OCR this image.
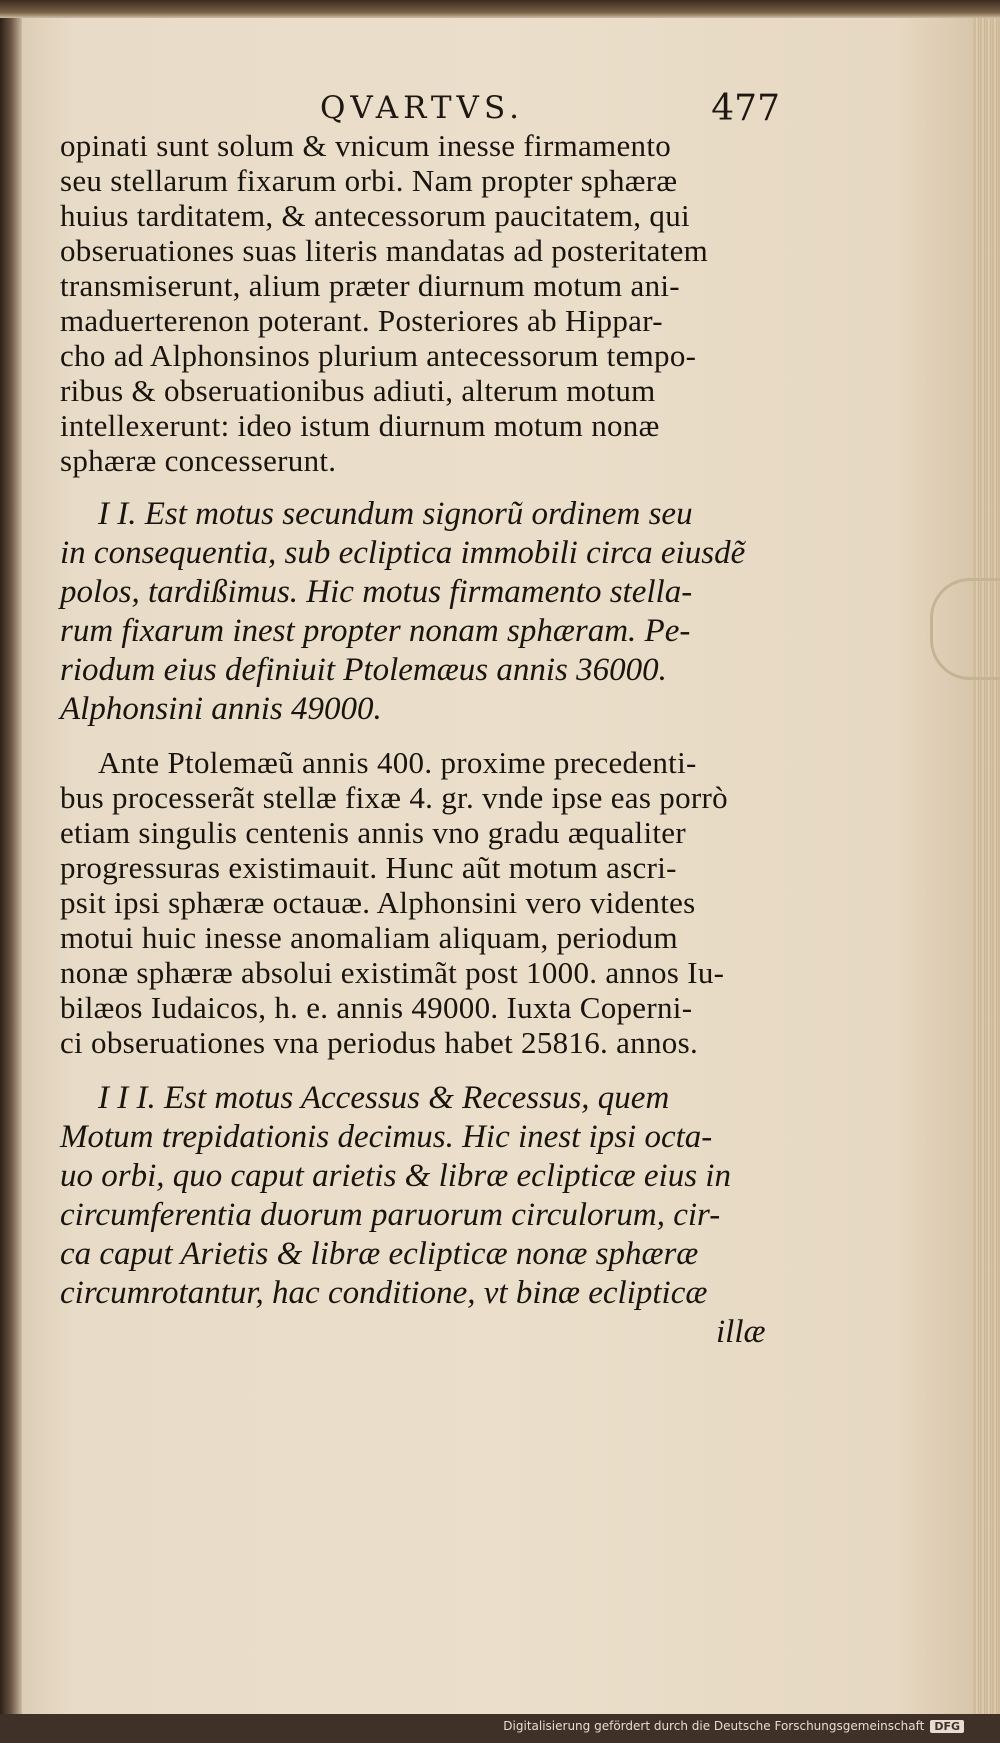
QVARTVS.	477
opinati sunt solum & vnicum inesse firmamento
seu stellarum fixarum orbi. Nam propter sphæræ
huius tarditatem, & antecessorum paucitatem, qui
obseruationes suas literis mandatas ad posteritatem
transmiserunt, alium præter diurnum motum ani-
maduerterenon poterant. Posteriores ab Hippar-
cho ad Alphonsinos plurium antecessorum tempo-
ribus & obseruationibus adiuti, alterum motum
intellexerunt: ideo istum diurnum motum nonæ
sphæræ concesserunt.
I I. Est motus secundum signorũ ordinem seu
in consequentia, sub ecliptica immobili circa eiusdẽ
polos, tardißimus. Hic motus firmamento stella-
rum fixarum inest propter nonam sphæram. Pe-
riodum eius definiuit Ptolemæus annis 36000.
Alphonsini annis 49000.
Ante Ptolemæũ annis 400. proxime precedenti-
bus processerãt stellæ fixæ 4. gr. vnde ipse eas porrò
etiam singulis centenis annis vno gradu æqualiter
progressuras existimauit. Hunc aũt motum ascri-
psit ipsi sphæræ octauæ. Alphonsini vero videntes
motui huic inesse anomaliam aliquam, periodum
nonæ sphæræ absolui existimãt post 1000. annos Iu-
bilæos Iudaicos, h. e. annis 49000. Iuxta Coperni-
ci obseruationes vna periodus habet 25816. annos.
I I I. Est motus Accessus & Recessus, quem
Motum trepidationis decimus. Hic inest ipsi octa-
uo orbi, quo caput arietis & libræ eclipticæ eius in
circumferentia duorum paruorum circulorum, cir-
ca caput Arietis & libræ eclipticæ nonæ sphæræ
circumrotantur, hac conditione, vt binæ eclipticæ
illæ
Digitalisierung gefördert durch die Deutsche Forschungsgemeinschaft DFG
